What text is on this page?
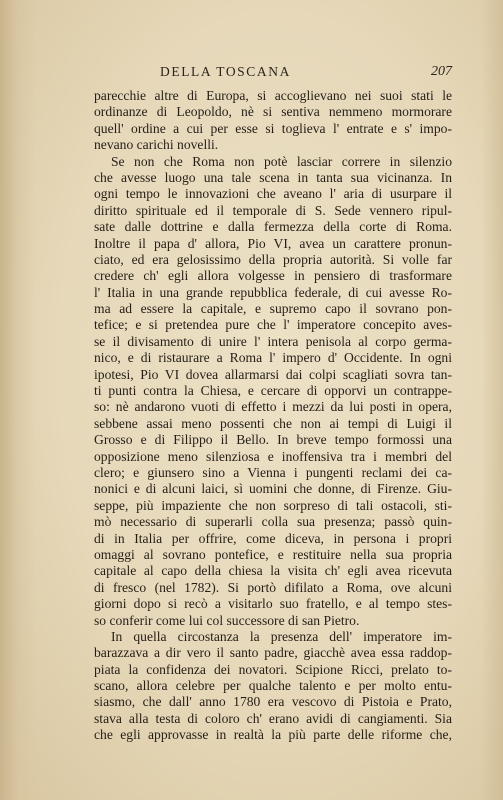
DELLA TOSCANA	207
parecchie altre di Europa, si accoglievano nei suoi stati le
ordinanze di Leopoldo, nè si sentiva nemmeno mormorare
quell' ordine a cui per esse si toglieva l' entrate e s' impo-
nevano carichi novelli.
Se non che Roma non potè lasciar correre in silenzio
che avesse luogo una tale scena in tanta sua vicinanza. In
ogni tempo le innovazioni che aveano l' aria di usurpare il
diritto spirituale ed il temporale di S. Sede vennero ripul-
sate dalle dottrine e dalla fermezza della corte di Roma.
Inoltre il papa d' allora, Pio VI, avea un carattere pronun-
ciato, ed era gelosissimo della propria autorità. Si volle far
credere ch' egli allora volgesse in pensiero di trasformare
l' Italia in una grande repubblica federale, di cui avesse Ro-
ma ad essere la capitale, e supremo capo il sovrano pon-
tefice; e si pretendea pure che l' imperatore concepito aves-
se il divisamento di unire l' intera penisola al corpo germa-
nico, e di ristaurare a Roma l' impero d' Occidente. In ogni
ipotesi, Pio VI dovea allarmarsi dai colpi scagliati sovra tan-
ti punti contra la Chiesa, e cercare di opporvi un contrappe-
so: nè andarono vuoti di effetto i mezzi da lui posti in opera,
sebbene assai meno possenti che non ai tempi di Luigi il
Grosso e di Filippo il Bello. In breve tempo formossi una
opposizione meno silenziosa e inoffensiva tra i membri del
clero; e giunsero sino a Vienna i pungenti reclami dei ca-
nonici e di alcuni laici, sì uomini che donne, di Firenze. Giu-
seppe, più impaziente che non sorpreso di tali ostacoli, sti-
mò necessario di superarli colla sua presenza; passò quin-
di in Italia per offrire, come diceva, in persona i propri
omaggi al sovrano pontefice, e restituire nella sua propria
capitale al capo della chiesa la visita ch' egli avea ricevuta
di fresco (nel 1782). Si portò difilato a Roma, ove alcuni
giorni dopo si recò a visitarlo suo fratello, e al tempo stes-
so conferir come lui col successore di san Pietro.
In quella circostanza la presenza dell' imperatore im-
barazzava a dir vero il santo padre, giacchè avea essa raddop-
piata la confidenza dei novatori. Scipione Ricci, prelato to-
scano, allora celebre per qualche talento e per molto entu-
siasmo, che dall' anno 1780 era vescovo di Pistoia e Prato,
stava alla testa di coloro ch' erano avidi di cangiamenti. Sia
che egli approvasse in realtà la più parte delle riforme che,
